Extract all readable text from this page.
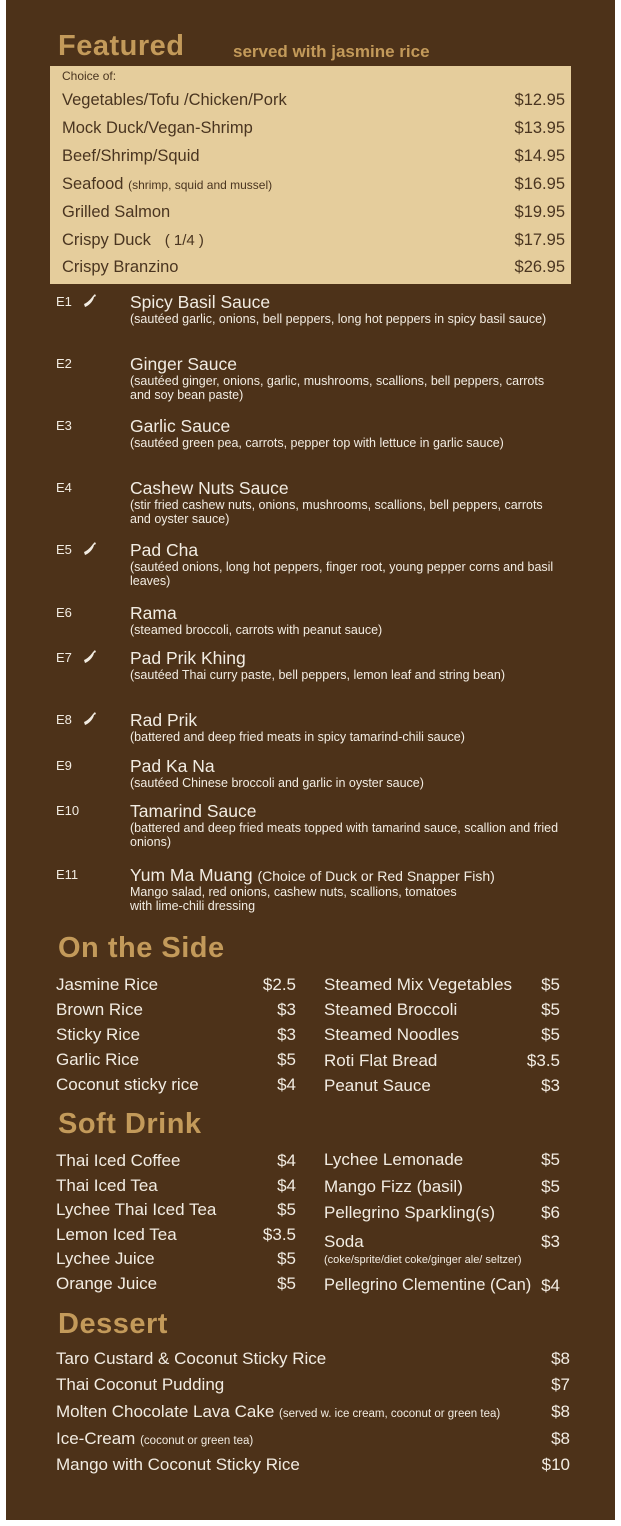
Featured	served with jasmine rice
Choice of:
Vegetables/Tofu /Chicken/Pork	$12.95
Mock Duck/Vegan-Shrimp	$13.95
Beef/Shrimp/Squid	$14.95
Seafood (shrimp, squid and mussel)	$16.95
Grilled Salmon	$19.95
Crispy Duck ( 1/4 )	$17.95
Crispy Branzino	$26.95
E1	Spicy Basil Sauce
(sautéed garlic, onions, bell peppers, long hot peppers in spicy basil sauce)
E2	Ginger Sauce
(sautéed ginger, onions, garlic, mushrooms, scallions, bell peppers, carrots and soy bean paste)
E3	Garlic Sauce
(sautéed green pea, carrots, pepper top with lettuce in garlic sauce)
E4	Cashew Nuts Sauce
(stir fried cashew nuts, onions, mushrooms, scallions, bell peppers, carrots and oyster sauce)
E5	Pad Cha
(sautéed onions, long hot peppers, finger root, young pepper corns and basil leaves)
E6	Rama
(steamed broccoli, carrots with peanut sauce)
E7	Pad Prik Khing
(sautéed Thai curry paste, bell peppers, lemon leaf and string bean)
E8	Rad Prik
(battered and deep fried meats in spicy tamarind-chili sauce)
E9	Pad Ka Na
(sautéed Chinese broccoli and garlic in oyster sauce)
E10	Tamarind Sauce
(battered and deep fried meats topped with tamarind sauce, scallion and fried onions)
E11	Yum Ma Muang (Choice of Duck or Red Snapper Fish)
Mango salad, red onions, cashew nuts, scallions, tomatoes with lime-chili dressing
On the Side
Jasmine Rice	$2.5
Brown Rice	$3
Sticky Rice	$3
Garlic Rice	$5
Coconut sticky rice	$4
Steamed Mix Vegetables	$5
Steamed Broccoli	$5
Steamed Noodles	$5
Roti Flat Bread	$3.5
Peanut Sauce	$3
Soft Drink
Thai Iced Coffee	$4
Thai Iced Tea	$4
Lychee Thai Iced Tea	$5
Lemon Iced Tea	$3.5
Lychee Juice	$5
Orange Juice	$5
Lychee Lemonade	$5
Mango Fizz (basil)	$5
Pellegrino Sparkling(s)	$6
Soda	$3
(coke/sprite/diet coke/ginger ale/ seltzer)
Pellegrino Clementine (Can) $4
Dessert
Taro Custard & Coconut Sticky Rice	$8
Thai Coconut Pudding	$7
Molten Chocolate Lava Cake (served w. ice cream, coconut or green tea)	$8
Ice-Cream (coconut or green tea)	$8
Mango with Coconut Sticky Rice	$10
